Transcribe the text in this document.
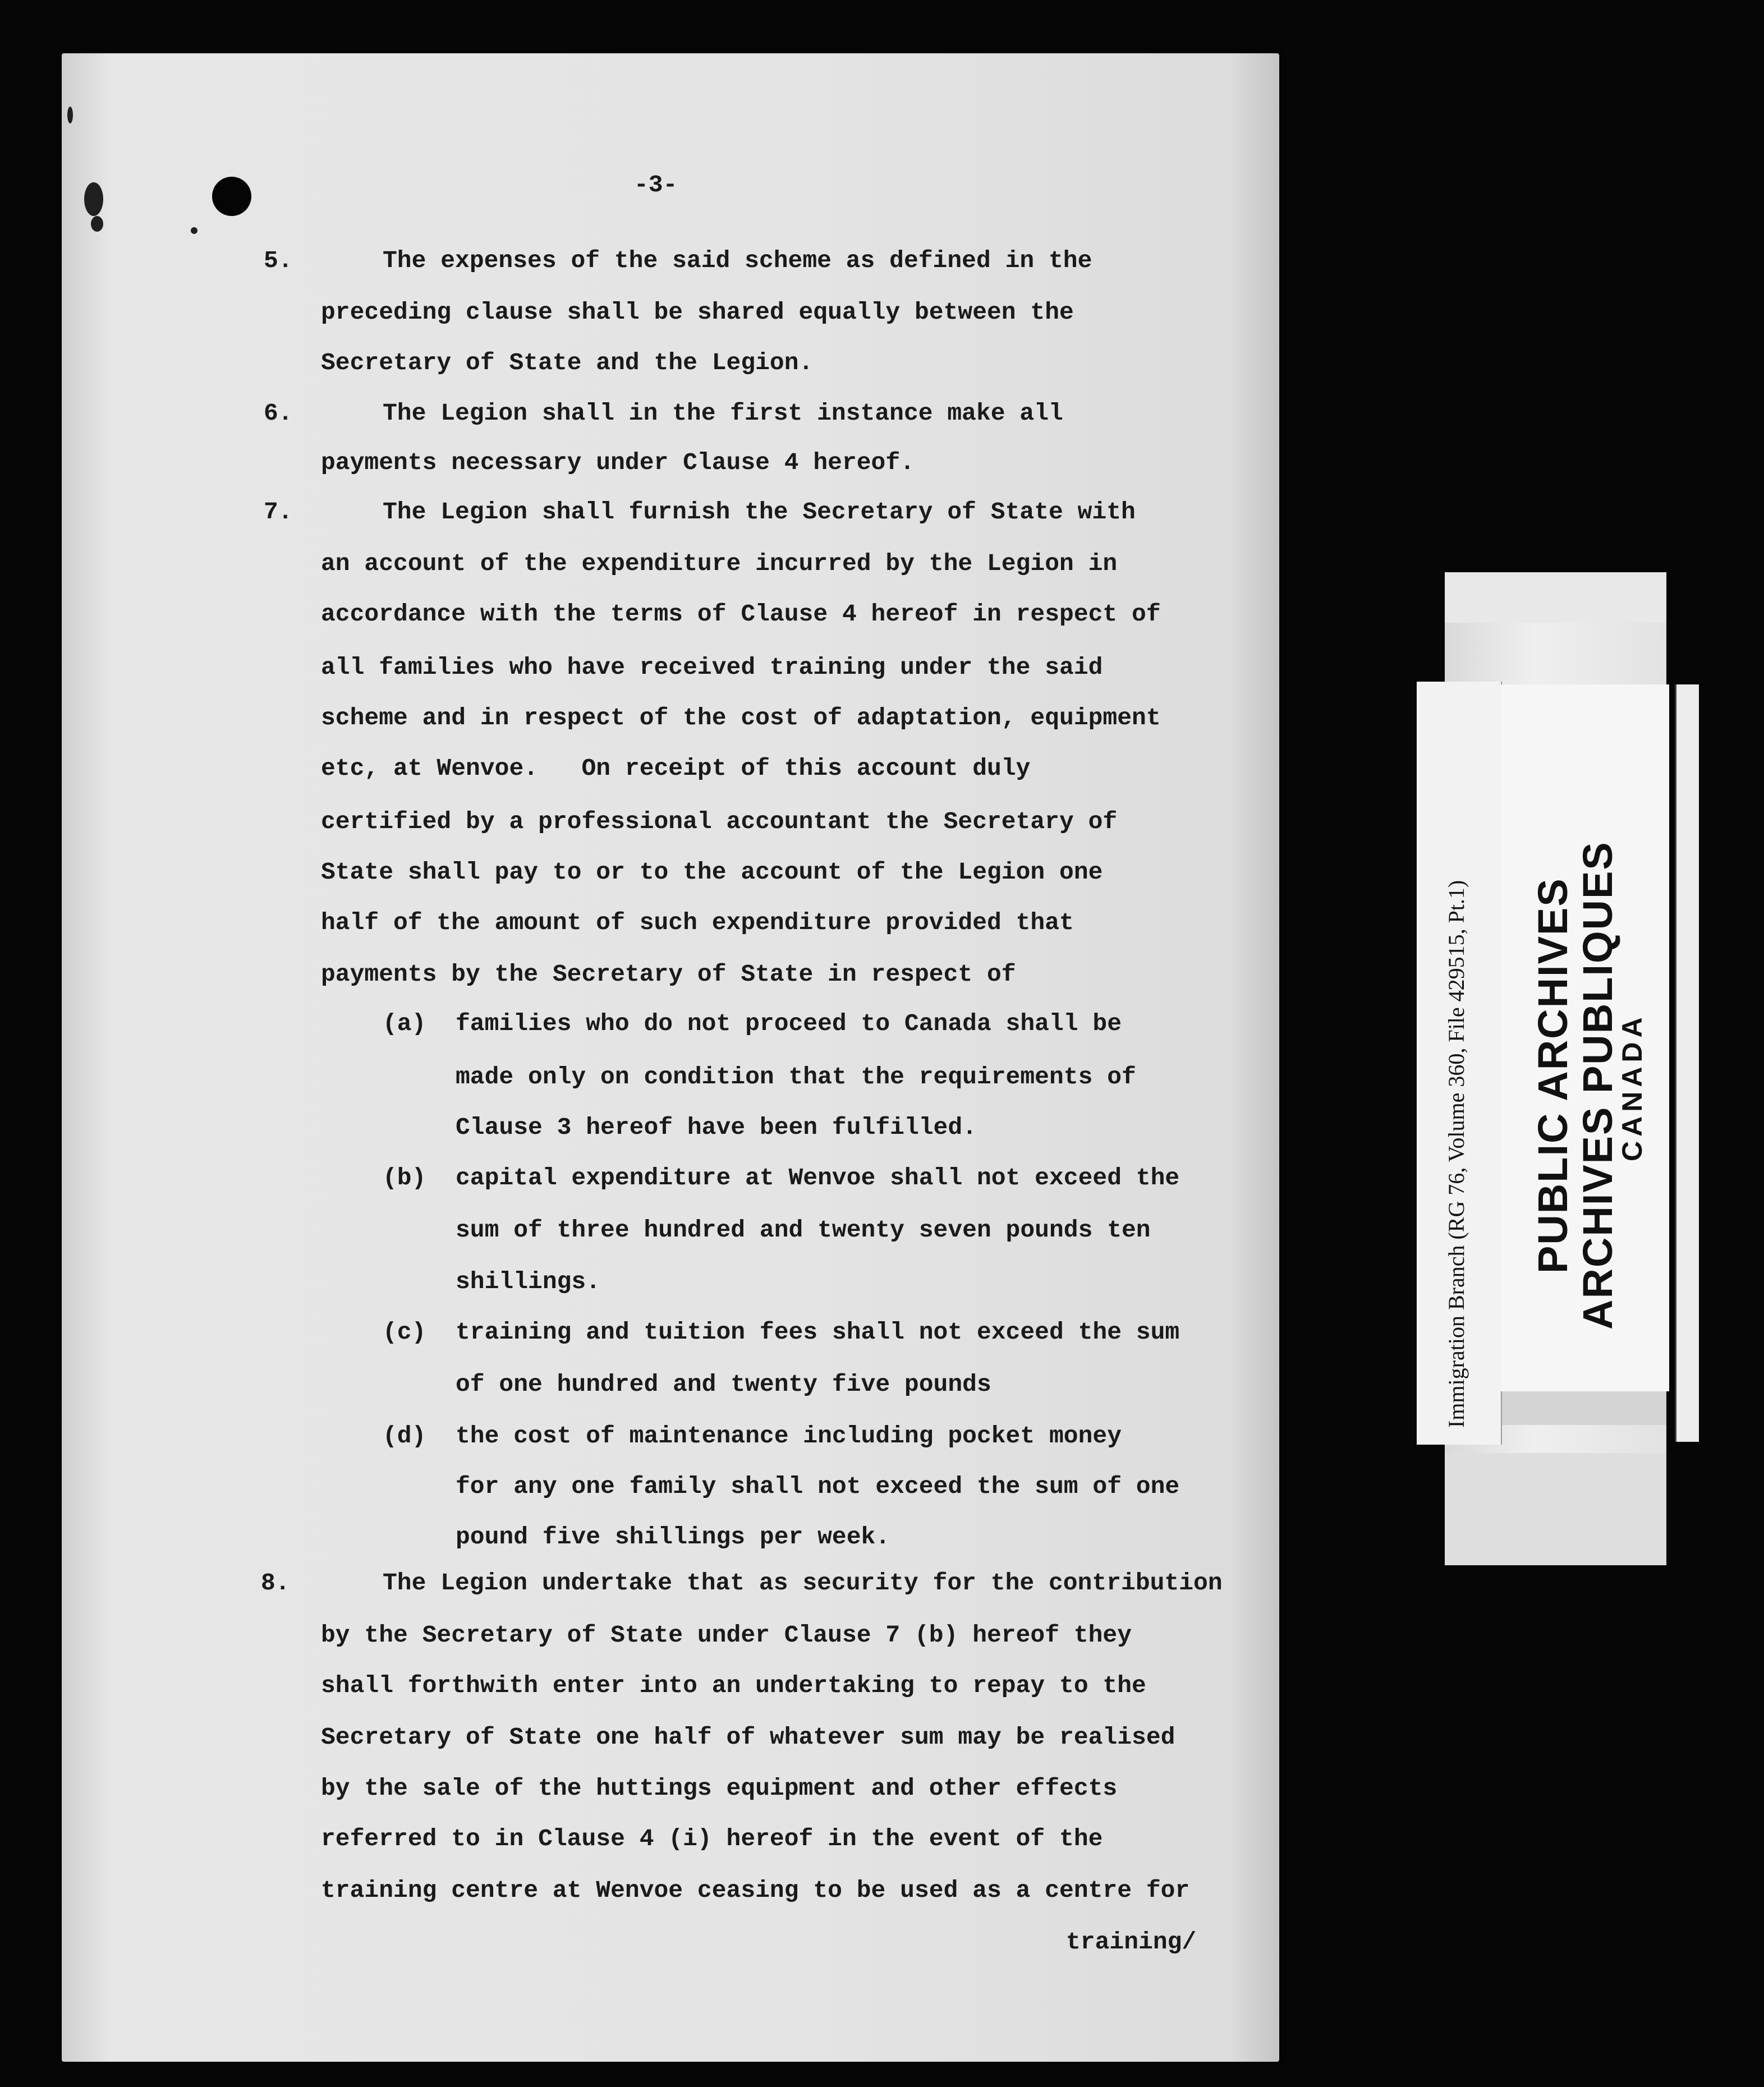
-3-
5.
6.
7.
8.
(a)
(b)
(c)
(d)
The expenses of the said scheme as defined in the
preceding clause shall be shared equally between the
Secretary of State and the Legion.
The Legion shall in the first instance make all
payments necessary under Clause 4 hereof.
The Legion shall furnish the Secretary of State with
an account of the expenditure incurred by the Legion in
accordance with the terms of Clause 4 hereof in respect of
all families who have received training under the said
scheme and in respect of the cost of adaptation, equipment
etc, at Wenvoe.   On receipt of this account duly
certified by a professional accountant the Secretary of
State shall pay to or to the account of the Legion one
half of the amount of such expenditure provided that
payments by the Secretary of State in respect of
families who do not proceed to Canada shall be
made only on condition that the requirements of
Clause 3 hereof have been fulfilled.
capital expenditure at Wenvoe shall not exceed the
sum of three hundred and twenty seven pounds ten
shillings.
training and tuition fees shall not exceed the sum
of one hundred and twenty five pounds
the cost of maintenance including pocket money
for any one family shall not exceed the sum of one
pound five shillings per week.
The Legion undertake that as security for the contribution
by the Secretary of State under Clause 7 (b) hereof they
shall forthwith enter into an undertaking to repay to the
Secretary of State one half of whatever sum may be realised
by the sale of the huttings equipment and other effects
referred to in Clause 4 (i) hereof in the event of the
training centre at Wenvoe ceasing to be used as a centre for
training/
Immigration Branch (RG 76, Volume 360, File 429515, Pt.1) PUBLIC ARCHIVES
ARCHIVES PUBLIQUES
CANADA
